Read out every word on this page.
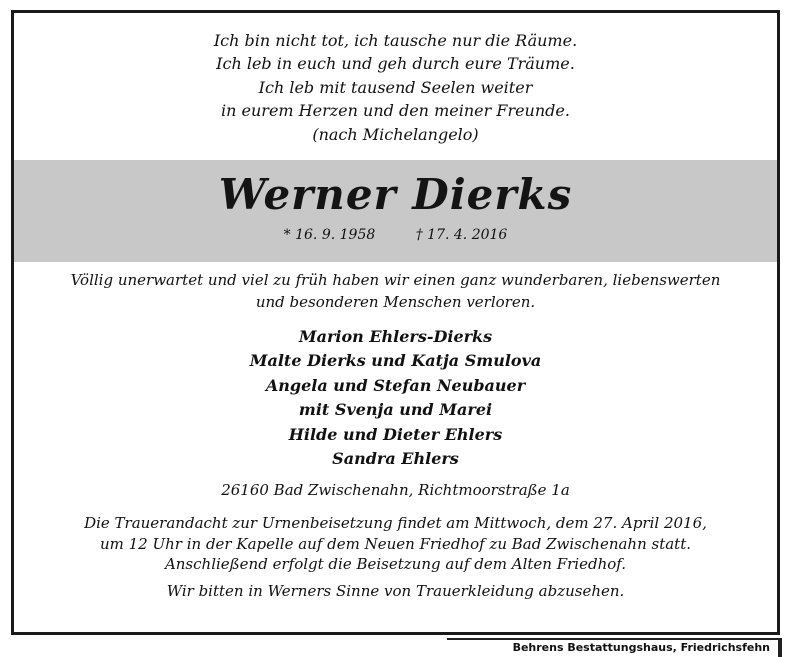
Ich bin nicht tot, ich tausche nur die Räume.
Ich leb in euch und geh durch eure Träume.
Ich leb mit tausend Seelen weiter
in eurem Herzen und den meiner Freunde.
(nach Michelangelo)
Werner Dierks
* 16. 9. 1958	† 17. 4. 2016
Völlig unerwartet und viel zu früh haben wir einen ganz wunderbaren, liebenswerten
und besonderen Menschen verloren.
Marion Ehlers-Dierks
Malte Dierks und Katja Smulova
Angela und Stefan Neubauer
mit Svenja und Marei
Hilde und Dieter Ehlers
Sandra Ehlers
26160 Bad Zwischenahn, Richtmoorstraße 1a
Die Trauerandacht zur Urnenbeisetzung findet am Mittwoch, dem 27. April 2016,
um 12 Uhr in der Kapelle auf dem Neuen Friedhof zu Bad Zwischenahn statt.
Anschließend erfolgt die Beisetzung auf dem Alten Friedhof.
Wir bitten in Werners Sinne von Trauerkleidung abzusehen.
Behrens Bestattungshaus, Friedrichsfehn
